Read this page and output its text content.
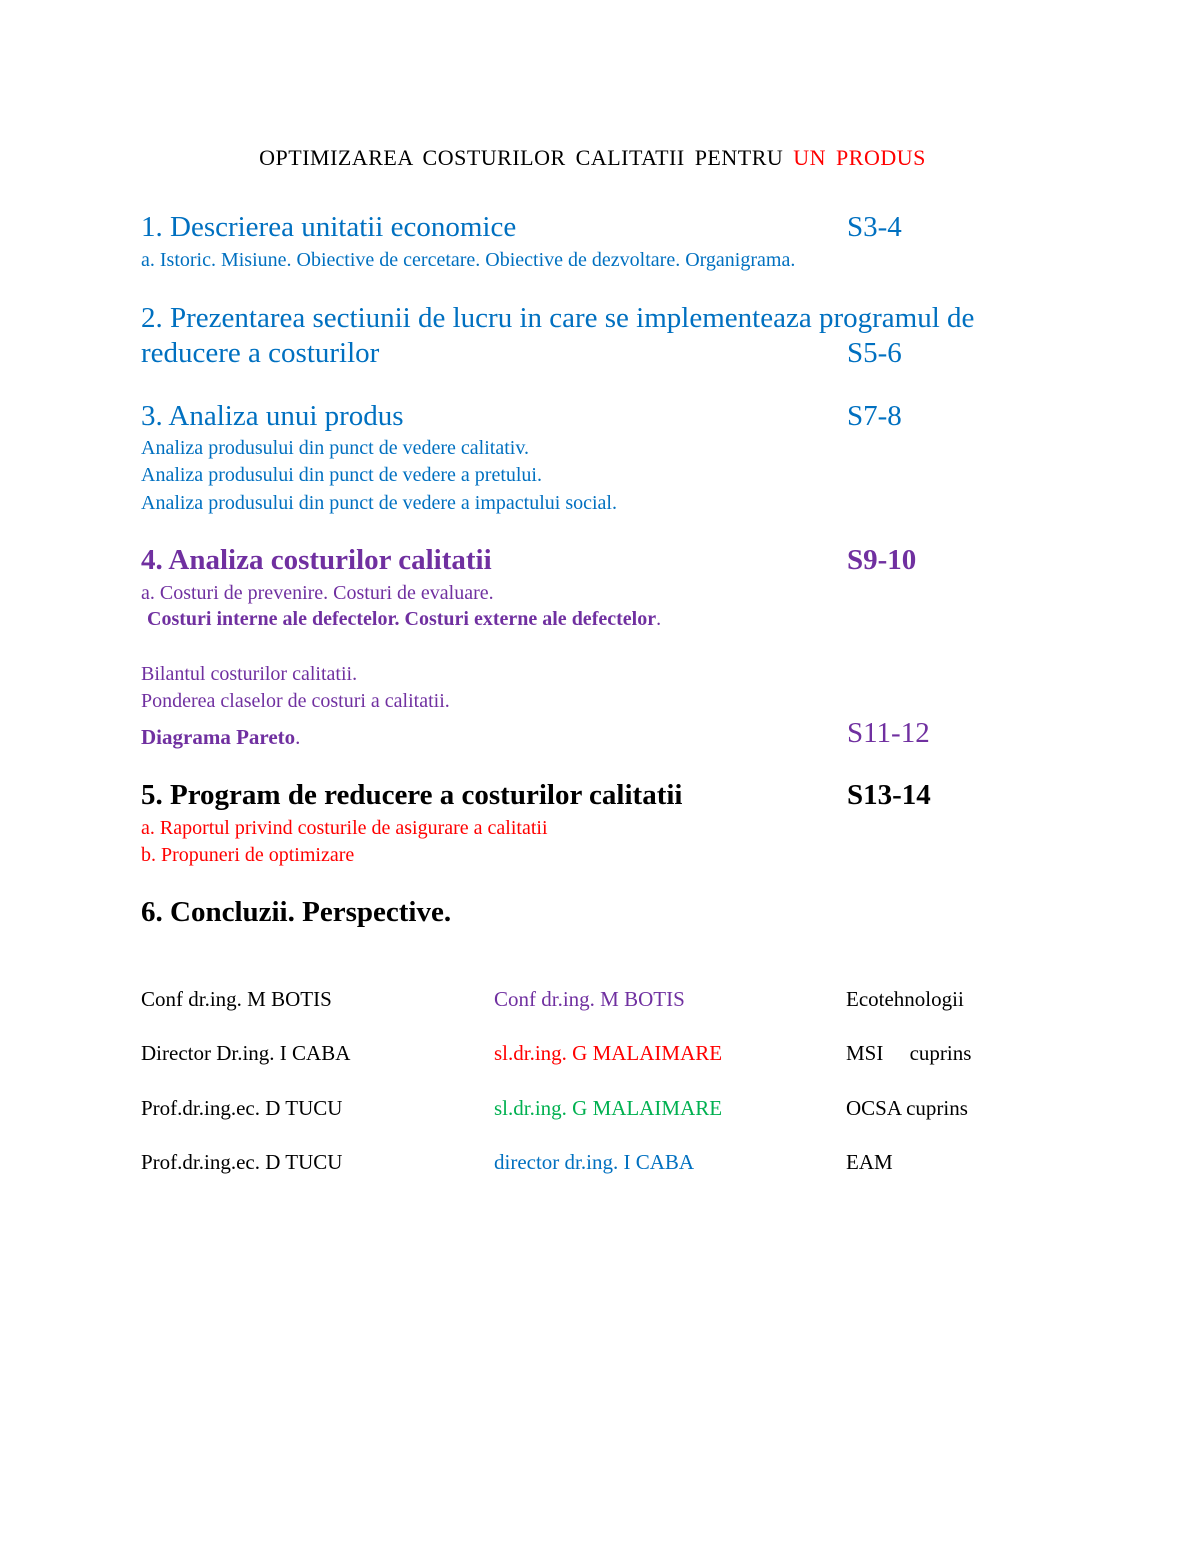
OPTIMIZAREA COSTURILOR CALITATII PENTRU UN PRODUS
1. Descrierea unitatii economice	S3-4
a. Istoric. Misiune. Obiective de cercetare. Obiective de dezvoltare. Organigrama.
2. Prezentarea sectiunii de lucru in care se implementeaza programul de
reducere a costurilor	S5-6
3. Analiza unui produs	S7-8
Analiza produsului din punct de vedere calitativ.
Analiza produsului din punct de vedere a pretului.
Analiza produsului din punct de vedere a impactului social.
4. Analiza costurilor calitatii	S9-10
a. Costuri de prevenire. Costuri de evaluare.
Costuri interne ale defectelor. Costuri externe ale defectelor.
Bilantul costurilor calitatii.
Ponderea claselor de costuri a calitatii.
Diagrama Pareto.	S11-12
5. Program de reducere a costurilor calitatii	S13-14
a. Raportul privind costurile de asigurare a calitatii
b. Propuneri de optimizare
6. Concluzii. Perspective.
Conf dr.ing. M BOTIS	Conf dr.ing. M BOTIS	Ecotehnologii
Director Dr.ing. I CABA	sl.dr.ing. G MALAIMARE	MSI     cuprins
Prof.dr.ing.ec. D TUCU	sl.dr.ing. G MALAIMARE	OCSA cuprins
Prof.dr.ing.ec. D TUCU	director dr.ing. I CABA	EAM
